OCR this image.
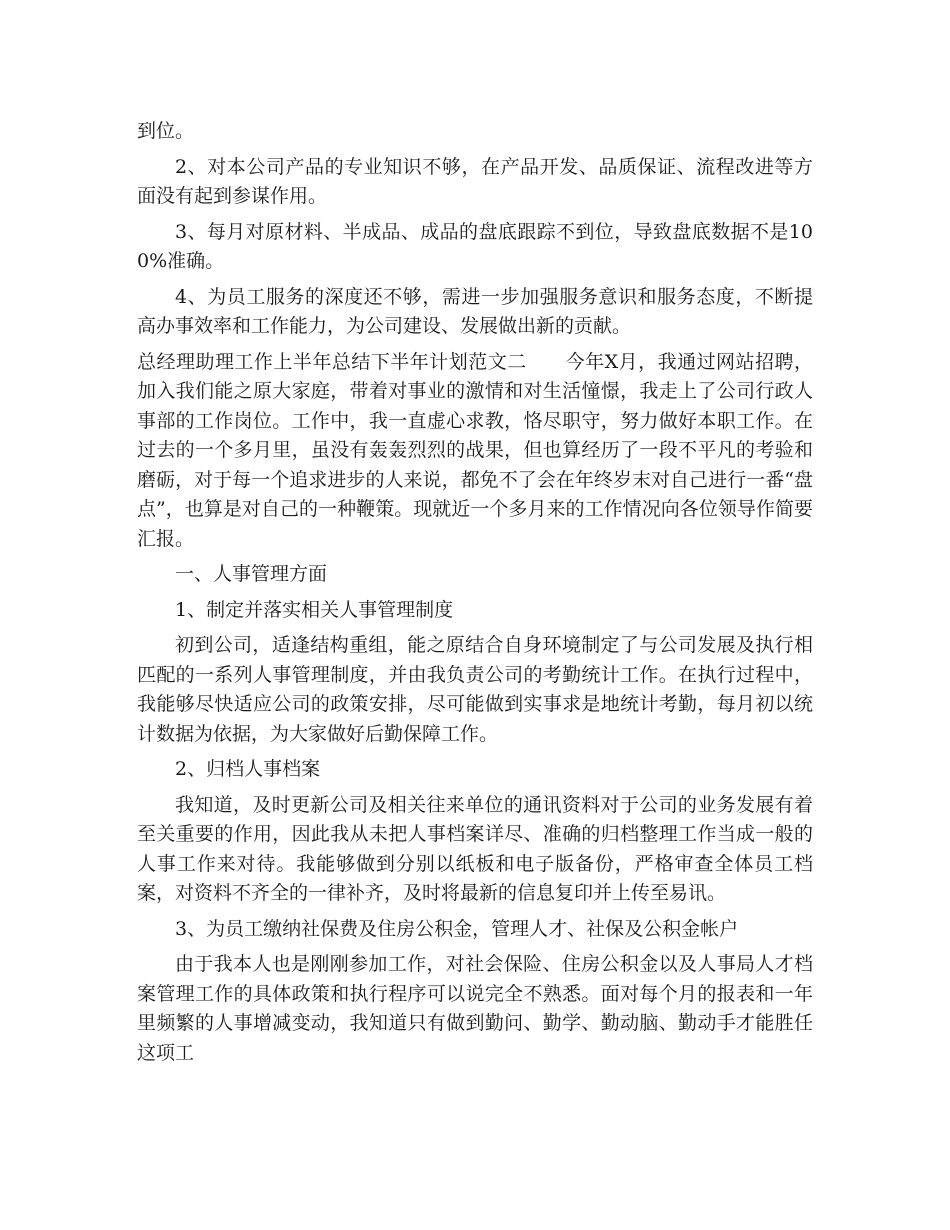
到位。

2、对本公司产品的专业知识不够，在产品开发、品质保证、流程改进等方面没有起到参谋作用。

3、每月对原材料、半成品、成品的盘底跟踪不到位，导致盘底数据不是100%准确。

4、为员工服务的深度还不够，需进一步加强服务意识和服务态度，不断提高办事效率和工作能力，为公司建设、发展做出新的贡献。

总经理助理工作上半年总结下半年计划范文二　　今年X月，我通过网站招聘，加入我们能之原大家庭，带着对事业的激情和对生活憧憬，我走上了公司行政人事部的工作岗位。工作中，我一直虚心求教，恪尽职守，努力做好本职工作。在过去的一个多月里，虽没有轰轰烈烈的战果，但也算经历了一段不平凡的考验和磨砺，对于每一个追求进步的人来说，都免不了会在年终岁末对自己进行一番“盘点”，也算是对自己的一种鞭策。现就近一个多月来的工作情况向各位领导作简要汇报。

一、人事管理方面

1、制定并落实相关人事管理制度

初到公司，适逢结构重组，能之原结合自身环境制定了与公司发展及执行相匹配的一系列人事管理制度，并由我负责公司的考勤统计工作。在执行过程中，我能够尽快适应公司的政策安排，尽可能做到实事求是地统计考勤，每月初以统计数据为依据，为大家做好后勤保障工作。

2、归档人事档案

我知道，及时更新公司及相关往来单位的通讯资料对于公司的业务发展有着至关重要的作用，因此我从未把人事档案详尽、准确的归档整理工作当成一般的人事工作来对待。我能够做到分别以纸板和电子版备份，严格审查全体员工档案，对资料不齐全的一律补齐，及时将最新的信息复印并上传至易讯。

3、为员工缴纳社保费及住房公积金，管理人才、社保及公积金帐户

由于我本人也是刚刚参加工作，对社会保险、住房公积金以及人事局人才档案管理工作的具体政策和执行程序可以说完全不熟悉。面对每个月的报表和一年里频繁的人事增减变动，我知道只有做到勤问、勤学、勤动脑、勤动手才能胜任这项工
